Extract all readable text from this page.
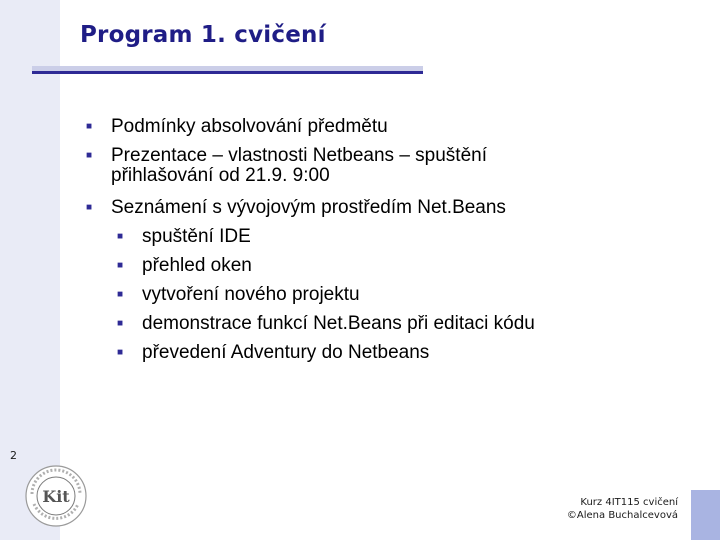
Program 1. cvičení
■ Podmínky absolvování předmětu
■ Prezentace – vlastnosti Netbeans – spuštění
přihlašování od 21.9. 9:00
■ Seznámení s vývojovým prostředím Net.Beans
■ spuštění IDE
■ přehled oken
■ vytvoření nového projektu
■ demonstrace funkcí Net.Beans při editaci kódu
■ převedení Adventury do Netbeans
2
Kit	Kurz 4IT115 cvičení
©Alena Buchalcevová
